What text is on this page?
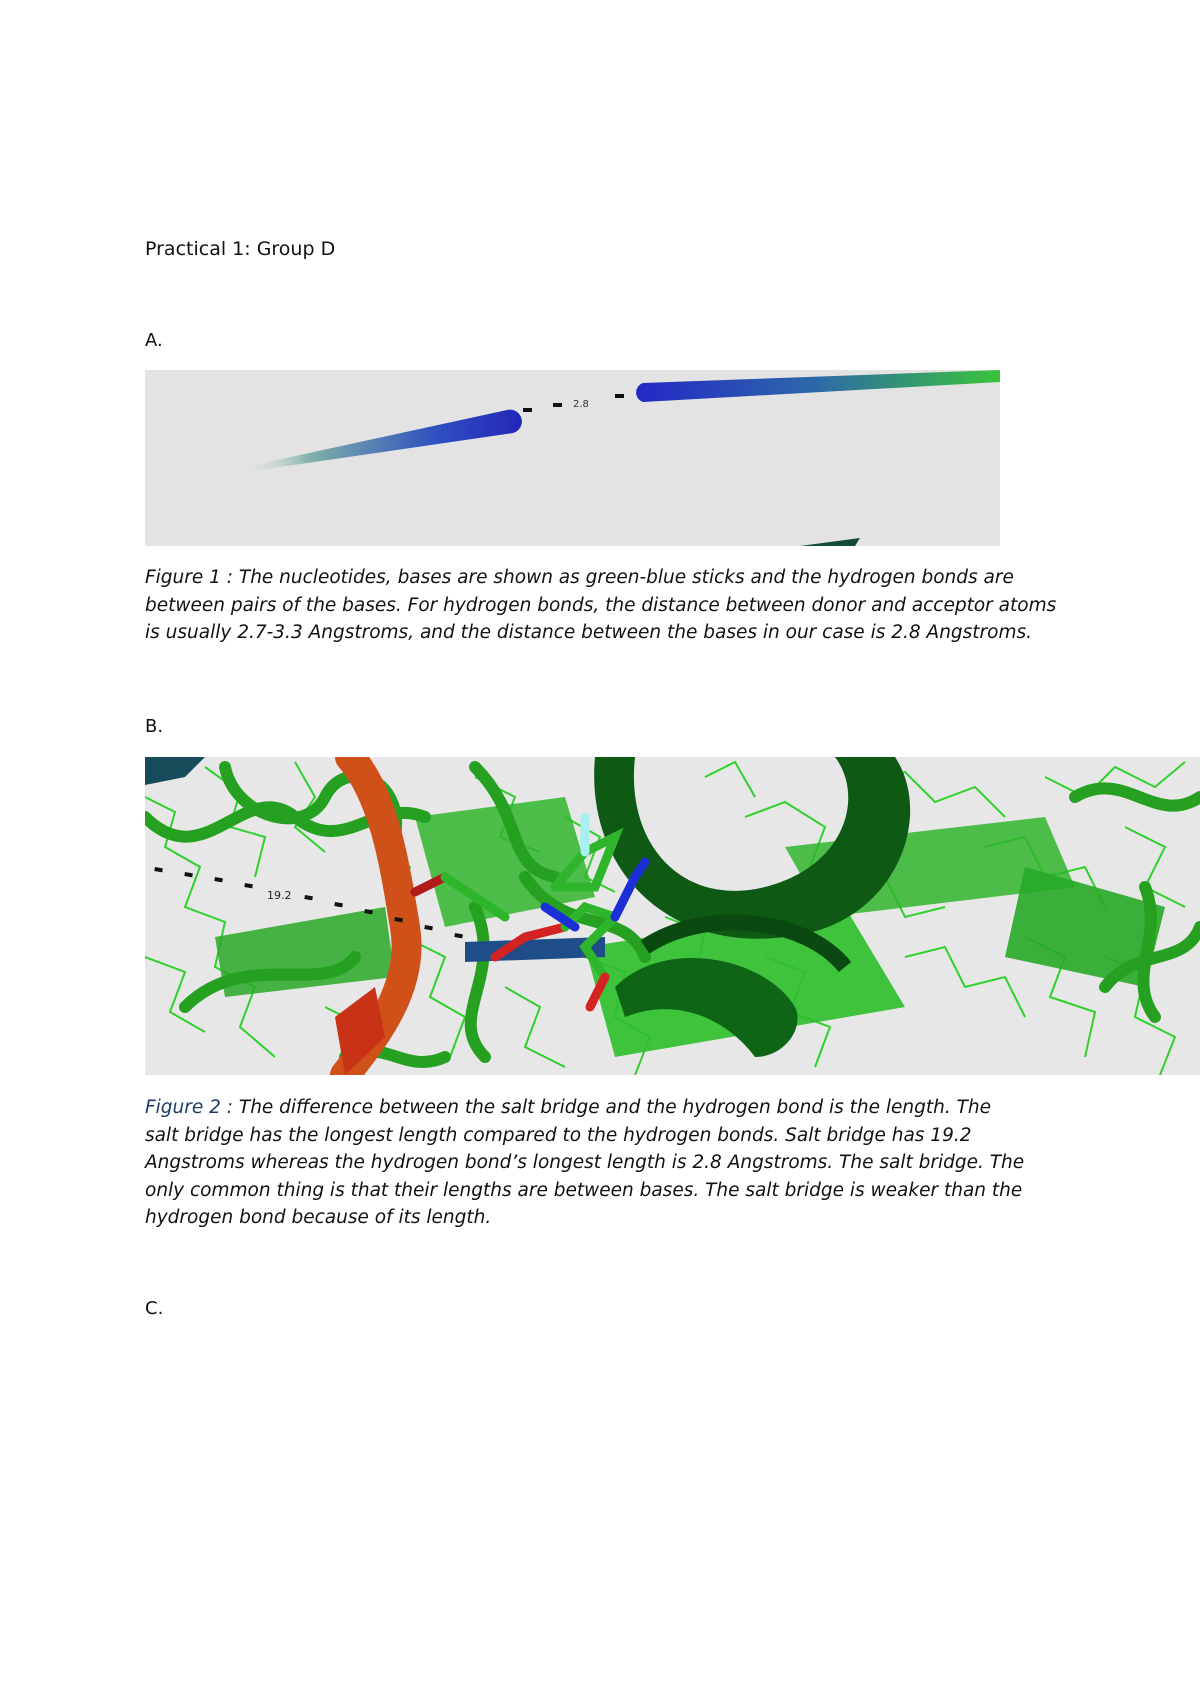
Practical 1: Group D
A.
2.8

Figure 1 : The nucleotides, bases are shown as green-blue sticks and the hydrogen bonds are between pairs of the bases. For hydrogen bonds, the distance between donor and acceptor atoms is usually 2.7-3.3 Angstroms, and the distance between the bases in our case is 2.8 Angstroms.

B.
19.2

Figure 2 : The difference between the salt bridge and the hydrogen bond is the length. The salt bridge has the longest length compared to the hydrogen bonds. Salt bridge has 19.2 Angstroms whereas the hydrogen bond’s longest length is 2.8 Angstroms. The salt bridge. The only common thing is that their lengths are between bases. The salt bridge is weaker than the hydrogen bond because of its length.

C.
